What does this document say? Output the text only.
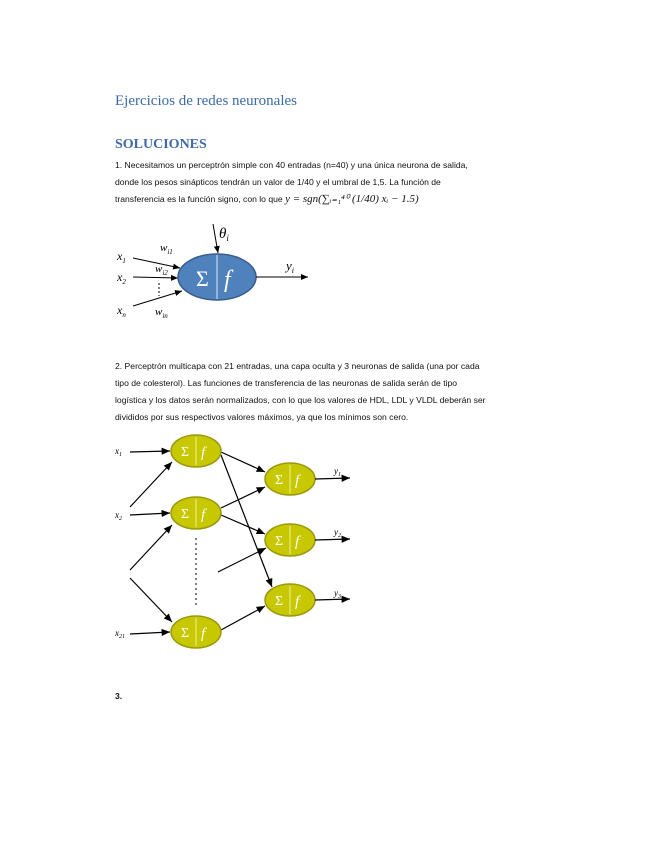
Ejercicios de redes neuronales
SOLUCIONES
1. Necesitamos un perceptrón simple con 40 entradas (n=40) y una única neurona de salida,
donde los pesos sinápticos tendrán un valor de 1/40 y el umbral de 1,5. La función de
transferencia es la función signo, con lo que y = sgn(∑ᵢ₌₁⁴⁰ (1/40) xᵢ − 1.5)
$\theta_i$
$x_1$
$x_2$
$x_n$
$w_{i1}$
$w_{i2}$
$w_{in}$
Σ f
$y_i$
2. Perceptrón multicapa con 21 entradas, una capa oculta y 3 neuronas de salida (una por cada
tipo de colesterol). Las funciones de transferencia de las neuronas de salida serán de tipo
logística y los datos serán normalizados, con lo que los valores de HDL, LDL y VLDL deberán ser
divididos por sus respectivos valores máximos, ya que los mínimos son cero.
$x_1$
$x_2$
$x_{21}$
Σ f
Σ f
Σ f
Σ f
Σ f
Σ f
$y_1$
$y_2$
$y_3$
3.
